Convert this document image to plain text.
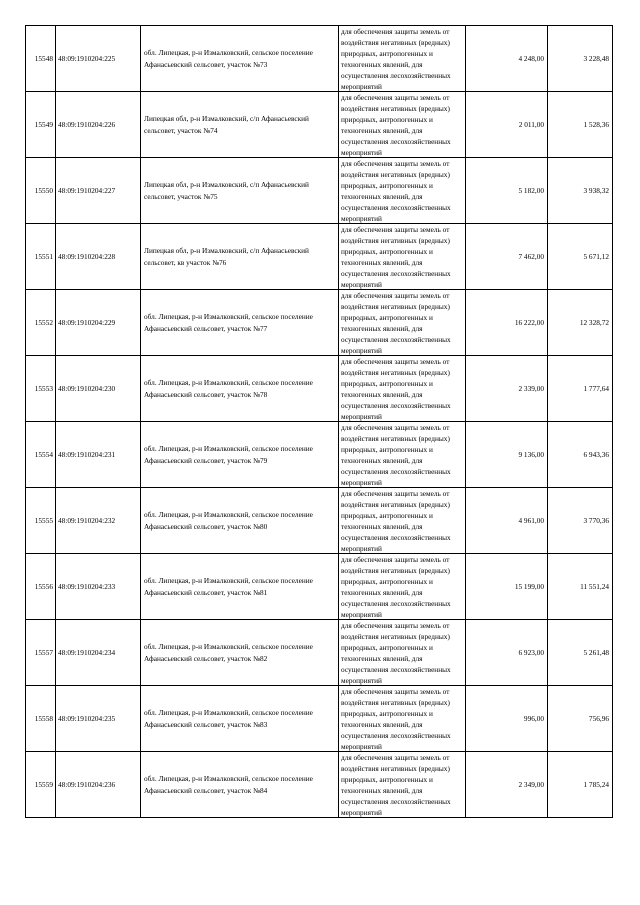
15548	48:09:1910204:225	обл. Липецкая, р-н Измалковский, сельское поселение Афанасьевский сельсовет, участок №73	для обеспечения защиты земель от воздействия негативных (вредных) природных, антропогенных и техногенных явлений, для осуществления лесохозяйственных мероприятий	4 248,00	3 228,48
15549	48:09:1910204:226	Липецкая обл, р-н Измалковский, с/п Афанасьевский сельсовет, участок №74	для обеспечения защиты земель от воздействия негативных (вредных) природных, антропогенных и техногенных явлений, для осуществления лесохозяйственных мероприятий	2 011,00	1 528,36
15550	48:09:1910204:227	Липецкая обл, р-н Измалковский, с/п Афанасьевский сельсовет, участок №75	для обеспечения защиты земель от воздействия негативных (вредных) природных, антропогенных и техногенных явлений, для осуществления лесохозяйственных мероприятий	5 182,00	3 938,32
15551	48:09:1910204:228	Липецкая обл, р-н Измалковский, с/п Афанасьевский сельсовет, кв участок №76	для обеспечения защиты земель от воздействия негативных (вредных) природных, антропогенных и техногенных явлений, для осуществления лесохозяйственных мероприятий	7 462,00	5 671,12
15552	48:09:1910204:229	обл. Липецкая, р-н Измалковский, сельское поселение Афанасьевский сельсовет, участок №77	для обеспечения защиты земель от воздействия негативных (вредных) природных, антропогенных и техногенных явлений, для осуществления лесохозяйственных мероприятий	16 222,00	12 328,72
15553	48:09:1910204:230	обл. Липецкая, р-н Измалковский, сельское поселение Афанасьевский сельсовет, участок №78	для обеспечения защиты земель от воздействия негативных (вредных) природных, антропогенных и техногенных явлений, для осуществления лесохозяйственных мероприятий	2 339,00	1 777,64
15554	48:09:1910204:231	обл. Липецкая, р-н Измалковский, сельское поселение Афанасьевский сельсовет, участок №79	для обеспечения защиты земель от воздействия негативных (вредных) природных, антропогенных и техногенных явлений, для осуществления лесохозяйственных мероприятий	9 136,00	6 943,36
15555	48:09:1910204:232	обл. Липецкая, р-н Измалковский, сельское поселение Афанасьевский сельсовет, участок №80	для обеспечения защиты земель от воздействия негативных (вредных) природных, антропогенных и техногенных явлений, для осуществления лесохозяйственных мероприятий	4 961,00	3 770,36
15556	48:09:1910204:233	обл. Липецкая, р-н Измалковский, сельское поселение Афанасьевский сельсовет, участок №81	для обеспечения защиты земель от воздействия негативных (вредных) природных, антропогенных и техногенных явлений, для осуществления лесохозяйственных мероприятий	15 199,00	11 551,24
15557	48:09:1910204:234	обл. Липецкая, р-н Измалковский, сельское поселение Афанасьевский сельсовет, участок №82	для обеспечения защиты земель от воздействия негативных (вредных) природных, антропогенных и техногенных явлений, для осуществления лесохозяйственных мероприятий	6 923,00	5 261,48
15558	48:09:1910204:235	обл. Липецкая, р-н Измалковский, сельское поселение Афанасьевский сельсовет, участок №83	для обеспечения защиты земель от воздействия негативных (вредных) природных, антропогенных и техногенных явлений, для осуществления лесохозяйственных мероприятий	996,00	756,96
15559	48:09:1910204:236	обл. Липецкая, р-н Измалковский, сельское поселение Афанасьевский сельсовет, участок №84	для обеспечения защиты земель от воздействия негативных (вредных) природных, антропогенных и техногенных явлений, для осуществления лесохозяйственных мероприятий	2 349,00	1 785,24
